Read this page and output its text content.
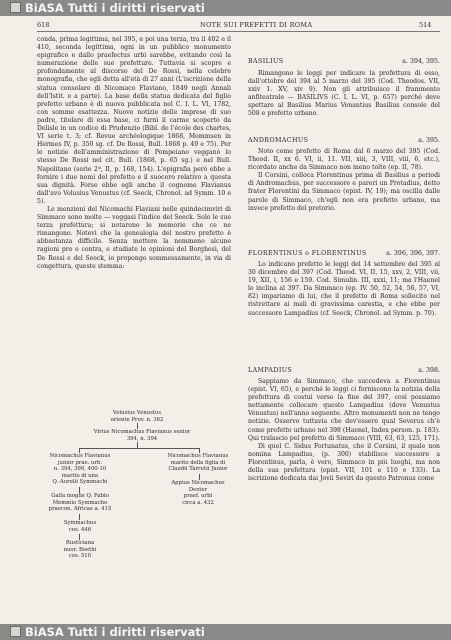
BiASA Tutti i diritti riservati
618	NOTE SUI PREFETTI DI ROMA	514

conda, prima legittima, nel 395, e poi una terza, tra il 402 e il 410, seconda legittima, ogni in un pubblico monumento epigrafico e dallo praefectus urbi sarebbe, evitando così la numerazione delle sue prefetture. Tuttavia si scopre e profondamente al discorso del De Rossi, nella celebre monografia, che egli detta all'età di 27 anni (L'iscrizione della statua consolare di Nicomaco Flaviano, 1849 negli Annali dell'Istit. e a parte). La base della statua dedicata del figlio prefetto urbano è di nuova pubblicata nel C. I. L. VI, 1782, con somme esattezza. Nuove notizie delle imprese di suo padre, titolare di essa base, ci furnì il carme scoperto da Delisle in un codice di Prudenzio (Bibl. de l'école des chartes, VI serie t. 3; cf. Revue archéologique 1868, Mommsen in Hermes IV, p. 350 sg. cf. De Rossi, Bull. 1868 p. 49 e 75). Per le notizie dell'amministrazione di Pompeiano vegganò lo stesso De Rossi nel cit. Bull. (1868, p. 65 sg.) e nel Bull. Napolitano (serie 2ª, II, p. 168, 154). L'epigrafia però ebbe a fornire i due nomi del prefetto e il suocero relativo a questa sua dignità. Forse ebbe egli anche il cognome Flavianus dall'avo Volusius Venustus (cf. Seeck, Chronol. ad Symm. 10 e 5).

Le menzioni del Nicomachi Flaviani nelle quindecimviri di Simmaco sono molte — veggasi l'indice del Seeck. Solo le sue terza prefettura; si notarono le memorie che ce ne rimangono. Notevi che la genealogia del nostro prefetto è abbastanza difficile. Senza mettere la nemmeno alcune ragioni pro e contra, e studiate le opinioni del Borghesi, del De Rossi e del Seeck, io propongo sommessamente, in via di congettura, queste stemma:

Volusius Venustus
oriente Prov. n. 362
Virius Nicomachus Flavianus senior
394, n. 394
Nicomachus Flavianus
junior prae. urb.
n. 394, 399, 400-10
marito di una
Q. Aurelii Symmachi
Nicomachus Flavianus
marito della figlia di
Claudii Tarrutii Junior
Galla moglie Q. Fabio
Memmio Symmacho
praecon. Africae a. 415
Appius Nicomachus
Dexter
praef. urbi
circa a. 432
Symmachus
cos. 446
Rusticiana
nuor. Boethi
cos. 510
BASILIUS	a. 394, 395.

Rimangono le leggi per indicare la prefettura di esso, dall'ottobre del 394 al 5 marzo del 395 (Cod. Theodos. VII, xxiv 1. XV, xiv 9). Non gli attribuisco il frammento anfiteatrale — BASILIVS (C. I. L. VI, p. 657) perché deve spettare al Basilius Marius Venantius Basilius console del 508 e prefetto urbano.

ANDROMACHUS	a. 395.

Noto come prefetto di Roma dal 6 marzo del 395 (Cod. Theod. II, xx 6. VI, ii, 11. VII, xiii, 3, VIII, viii, 6, etc.), ricordato anche da Simmaco non meno tolte (ep. II, 78).

Il Corsini, colloca Florentinus prima di Basilius a periodi di Andromachus, per successore e pareri un Protadius, detto frater Florentini da Simmaco (epist. IV, 19); ma oscilla dalle parole di Simmaco, ch'egli non era prefetto urbano, ma invece prefetto del pretorio.

FLORENTINUS o FLORENTINUS	a. 396, 396, 397.

Lo indicano prefetto le leggi del 14 settembre del 395 al 30 dicembre del 397 (Cod. Theod. VI, II, 15, xxv, 2, VIII, vii, 19, XII, i, 156 e 159. Cod. Simulin. III, xxxi, 11; ma l'Haenel le inclina al 397. Da Simmaco (ep. IV. 50, 52, 54, 56, 57, VI, 82) impariamo di lui, che il prefetto di Roma sollecito nel ristrettare ai mali di gravissima carestia, e che ebbe per successore Lampadius (cf. Seeck, Chronol. ad Symm. p. 70).

LAMPADIUS	a. 398.

Sappiamo da Simmaco, che succedeva a Florentinus (epist. VI, 65), e perché le leggi ci forniscono la notizia della prefettura di costui verso la fine del 397, così possiamo nettamente collocare questo Lampadius (dove Venustus Venustus) nell'anno seguente. Altro monumenti non ne tengo notizie. Osservo tuttavia che dev'essere qual Severus ch'è come prefetto urbano nel 398 (Haenel, Index person. p. 183). Qui tralascio pel prefetto di Simmaco (VIII, 63, 63, 125, 171).

Di quel C. Sidus Fortunatus, che il Corsini, il quale non nomina Lampadius, (p. 300) stabilisce successore a Florentinus, parla, è vero, Simmaco in più luoghi, ma non della sua prefettura (epist. VII, 101 e 110 e 133). La iscrizione dedicata dai Jovii Seviri da questo Patronus come

BiASA Tutti i diritti riservati
